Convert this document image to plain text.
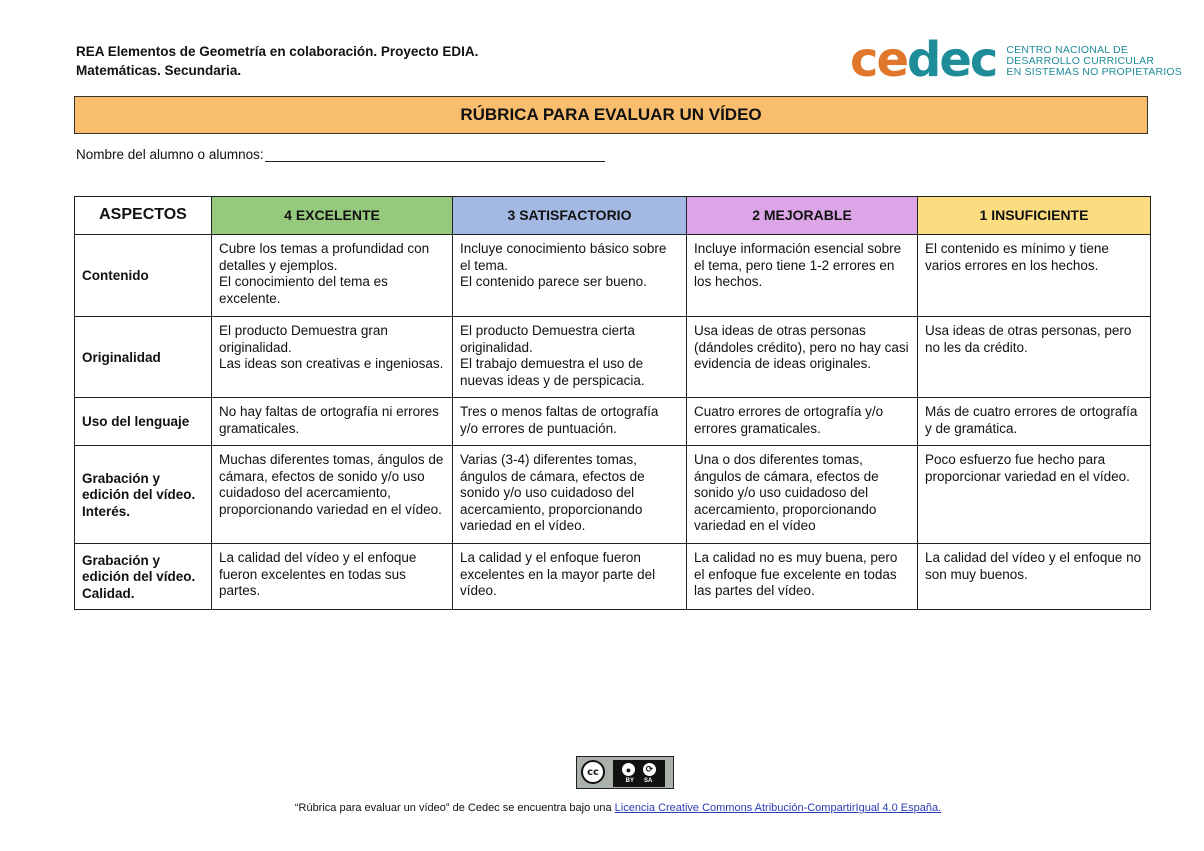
REA Elementos de Geometría en colaboración. Proyecto EDIA.
Matemáticas. Secundaria.	cedec CENTRO NACIONAL DE
DESARROLLO CURRICULAR
EN SISTEMAS NO PROPIETARIOS
RÚBRICA PARA EVALUAR UN VÍDEO
Nombre del alumno o alumnos:
ASPECTOS	4 EXCELENTE	3 SATISFACTORIO	2 MEJORABLE	1 INSUFICIENTE

Contenido	Cubre los temas a profundidad con detalles y ejemplos.
El conocimiento del tema es excelente.	Incluye conocimiento básico sobre el tema.
El contenido parece ser bueno.	Incluye información esencial sobre el tema, pero tiene 1-2 errores en los hechos.	El contenido es mínimo y tiene varios errores en los hechos.

Originalidad	El producto Demuestra gran originalidad.
Las ideas son creativas e ingeniosas.	El producto Demuestra cierta originalidad.
El trabajo demuestra el uso de nuevas ideas y de perspicacia.	Usa ideas de otras personas (dándoles crédito), pero no hay casi evidencia de ideas originales.	Usa ideas de otras personas, pero no les da crédito.

Uso del lenguaje	No hay faltas de ortografía ni errores gramaticales.	Tres o menos faltas de ortografía y/o errores de puntuación.	Cuatro errores de ortografía y/o errores gramaticales.	Más de cuatro errores de ortografía y de gramática.

Grabación y edición del vídeo.
Interés.	Muchas diferentes tomas, ángulos de cámara, efectos de sonido y/o uso cuidadoso del acercamiento, proporcionando variedad en el vídeo.	Varias (3-4) diferentes tomas, ángulos de cámara, efectos de sonido y/o uso cuidadoso del acercamiento, proporcionando variedad en el vídeo.	Una o dos diferentes tomas, ángulos de cámara, efectos de sonido y/o uso cuidadoso del acercamiento, proporcionando variedad en el vídeo	Poco esfuerzo fue hecho para proporcionar variedad en el vídeo.

Grabación y edición del vídeo.
Calidad.	La calidad del vídeo y el enfoque fueron excelentes en todas sus partes.	La calidad y el enfoque fueron excelentes en la mayor parte del vídeo.	La calidad no es muy buena, pero el enfoque fue excelente en todas las partes del vídeo.	La calidad del vídeo y el enfoque no son muy buenos.
cc	●	⟳
BY SA
“Rúbrica para evaluar un vídeo” de Cedec se encuentra bajo una Licencia Creative Commons Atribución-CompartirIgual 4.0 España.
